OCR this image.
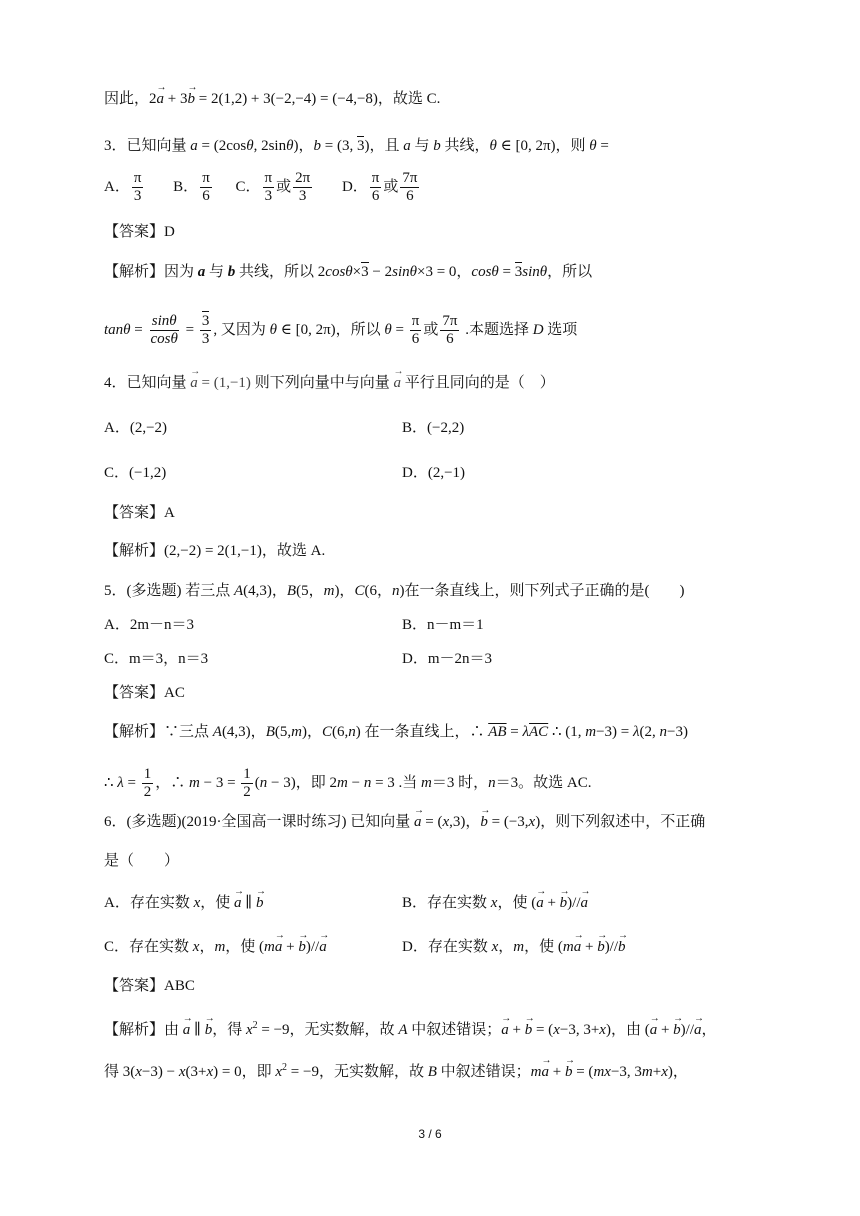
因此，2→ a + 3→ b = 2(1,2) + 3(−2,−4) = (−4,−8)，故选 C.
3．已知向量 a = (2cosθ, 2sinθ)，b = (3, 3)，且 a 与 b 共线，θ ∈ [0, 2π)，则 θ =
A． $\frac{\pi}{3}$ B． $\frac{\pi}{6}$ C． $\frac{\pi}{3}$ 或 $\frac{2\pi}{3}$ D． $\frac{\pi}{6}$ 或 $\frac{7\pi}{6}$
【答案】D
【解析】因为 a 与 b 共线，所以 2cosθ×3 − 2sinθ×3 = 0，cosθ = 3sinθ，所以
$\tan\theta = \frac{\sin\theta}{\cos\theta} = \frac{3}{3}$ , 又因为 θ ∈ [0, 2π)，所以 $\theta = \frac{\pi}{6}$ 或 $\frac{7\pi}{6}$ .本题选择 D 选项
4．已知向量 → a = (1,−1) 则下列向量中与向量 → a 平行且同向的是（　）
A．(2,−2)	B．(−2,2)
C．(−1,2)	D．(2,−1)
【答案】A
【解析】(2,−2) = 2(1,−1)，故选 A.
5．(多选题) 若三点 A(4,3)，B(5，m)，C(6，n)在一条直线上，则下列式子正确的是(　　)
A．2m－n＝3	B．n－m＝1
C．m＝3，n＝3	D．m－2n＝3
【答案】AC
【解析】∵三点 A(4,3)，B(5,m)，C(6,n) 在一条直线上，∴ $\overline{AB} = \lambda\overline{AC}$ ∴ (1, m−3) = λ(2, n−3)
∴ $\lambda = \frac{1}{2}$ ，∴ $m - 3 = \frac{1}{2} (n - 3)$，即 2m − n = 3 .当 m＝3 时，n＝3。故选 AC.
6．(多选题)(2019·全国高一课时练习) 已知向量 → a = (x,3)，→ b = (−3,x)，则下列叙述中，不正确
是（　　）
A．存在实数 x，使 → a ∥ → b	B．存在实数 x，使 (→ a + → b)//→ a
C．存在实数 x，m，使 (m→ a + → b)//→ a	D．存在实数 x，m，使 (m→ a + → b)//→ b
【答案】ABC
【解析】由 → a ∥ → b，得 $x^2 = -9$，无实数解，故 A 中叙述错误；→ a + → b = (x−3, 3+x)，由 (→ a + → b)//→ a，
得 3(x−3) − x(3+x) = 0，即 $x^2 = -9$，无实数解，故 B 中叙述错误；m→ a + → b = (mx−3, 3m+x)，
3 / 6
